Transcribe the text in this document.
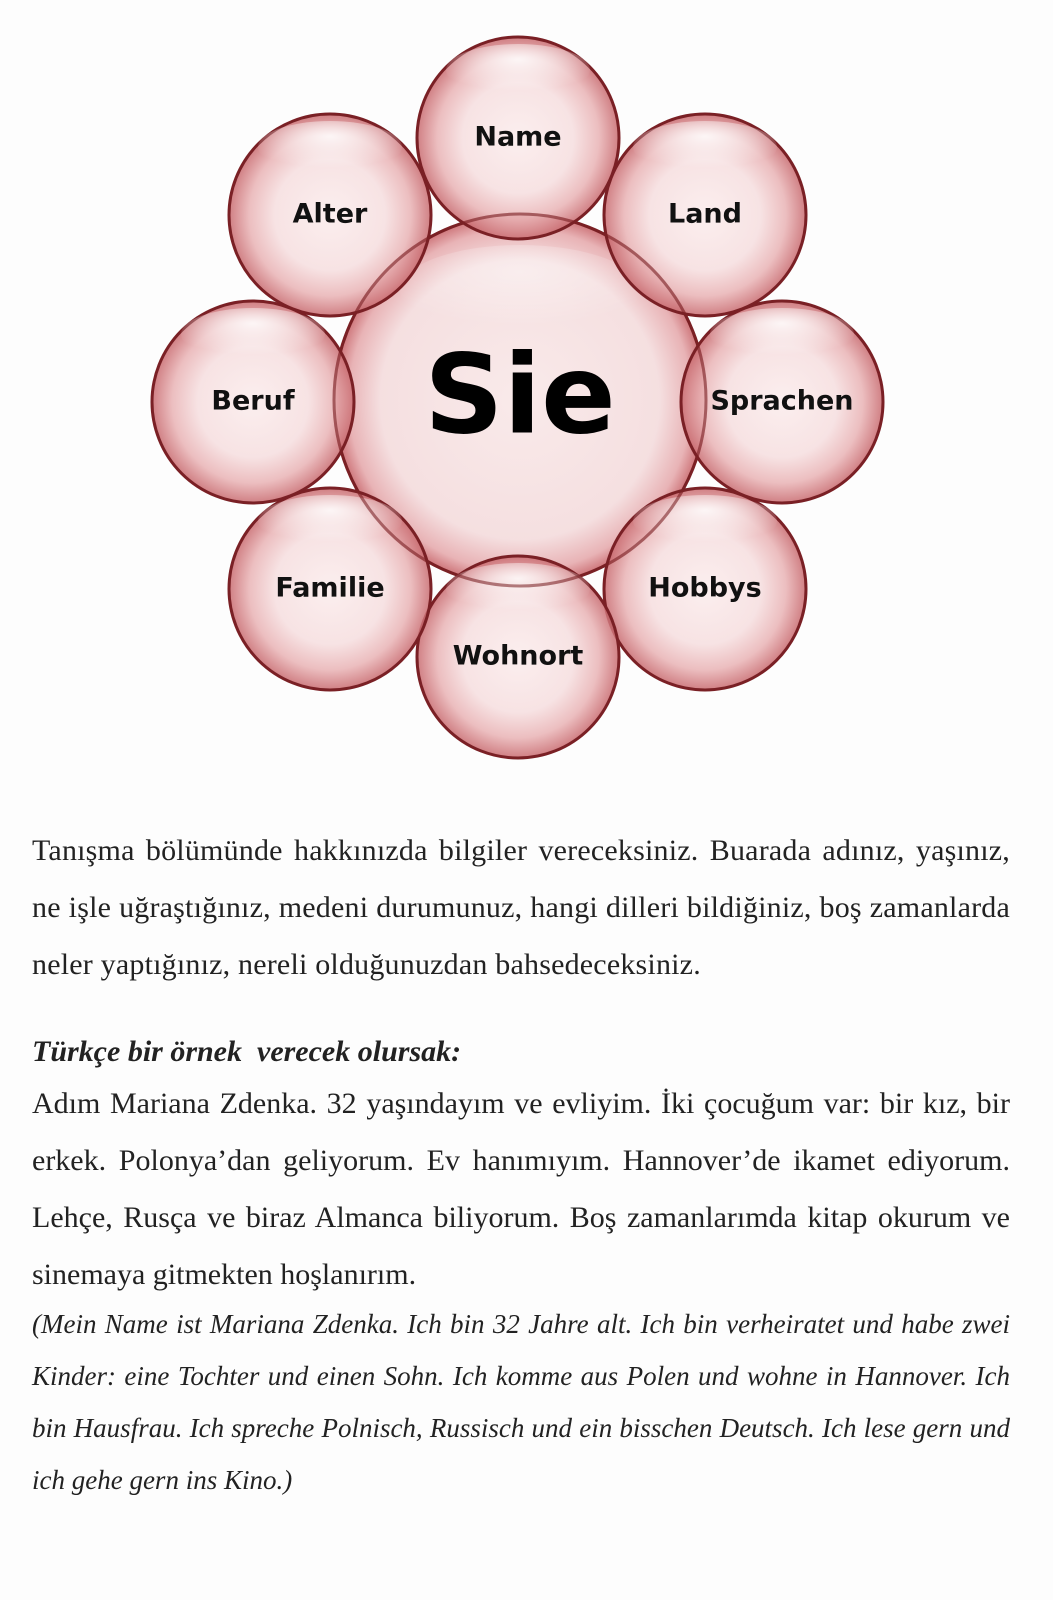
Sie
Name
Land
Sprachen
Hobbys
Wohnort
Familie
Beruf
Alter

Tanışma bölümünde hakkınızda bilgiler vereceksiniz. Buarada adınız, yaşınız, ne işle uğraştığınız, medeni durumunuz, hangi dilleri bildiğiniz, boş zamanlarda neler yaptığınız, nereli olduğunuzdan bahsedeceksiniz.

Türkçe bir örnek  verecek olursak:

Adım Mariana Zdenka. 32 yaşındayım ve evliyim. İki çocuğum var: bir kız, bir erkek. Polonya’dan geliyorum. Ev hanımıyım. Hannover’de ikamet ediyorum. Lehçe, Rusça ve biraz Almanca biliyorum. Boş zamanlarımda kitap okurum ve sinemaya gitmekten hoşlanırım.

(Mein Name ist Mariana Zdenka. Ich bin 32 Jahre alt. Ich bin verheiratet und habe zwei Kinder: eine Tochter und einen Sohn. Ich komme aus Polen und wohne in Hannover. Ich bin Hausfrau. Ich spreche Polnisch, Russisch und ein bisschen Deutsch. Ich lese gern und ich gehe gern ins Kino.)
